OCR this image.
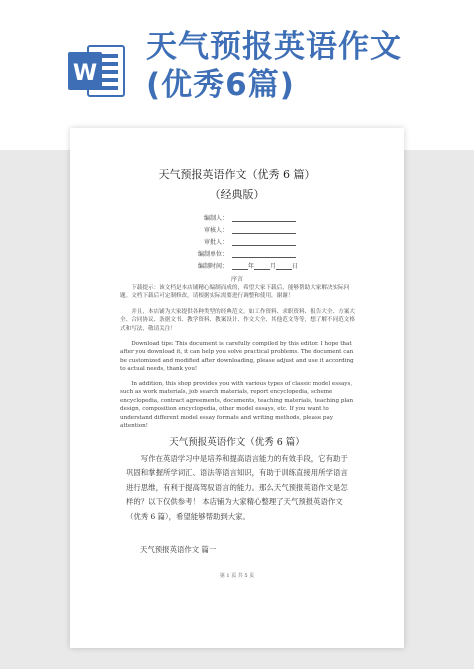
W
天气预报英语作文
(优秀6篇)
天气预报英语作文（优秀 6 篇）
（经典版）
编制人：
审核人：
审批人：
编制单位：
编制时间：	年	月	日
序言
下载提示：该文档是本店铺精心编制而成的，希望大家下载后，能够帮助大家解决实际问题。文档下载后可定制修改，请根据实际需要进行调整和使用，谢谢！
并且，本店铺为大家提供各种类型的经典范文，如工作资料、求职资料、报告大全、方案大全、合同协议、条据文书、教学资料、教案设计、作文大全、其他范文等等，想了解不同范文格式和写法，敬请关注！
Download tips: This document is carefully compiled by this editor. I hope that after you download it, it can help you solve practical problems. The document can be customized and modified after downloading, please adjust and use it according to actual needs, thank you!
In addition, this shop provides you with various types of classic model essays, such as work materials, job search materials, report encyclopedia, scheme encyclopedia, contract agreements, documents, teaching materials, teaching plan design, composition encyclopedia, other model essays, etc. If you want to understand different model essay formats and writing methods, please pay attention!
天气预报英语作文（优秀 6 篇）
写作在英语学习中是培养和提高语言能力的有效手段，它有助于巩固和掌握所学词汇、语法等语言知识，有助于训练直接用所学语言进行思维，有利于提高驾驭语言的能力。那么天气预报英语作文是怎样的？以下仅供参考！ 本店铺为大家精心整理了天气预报英语作文（优秀 6 篇），希望能够帮助到大家。
天气预报英语作文 篇一
第 1 页 共 5 页
